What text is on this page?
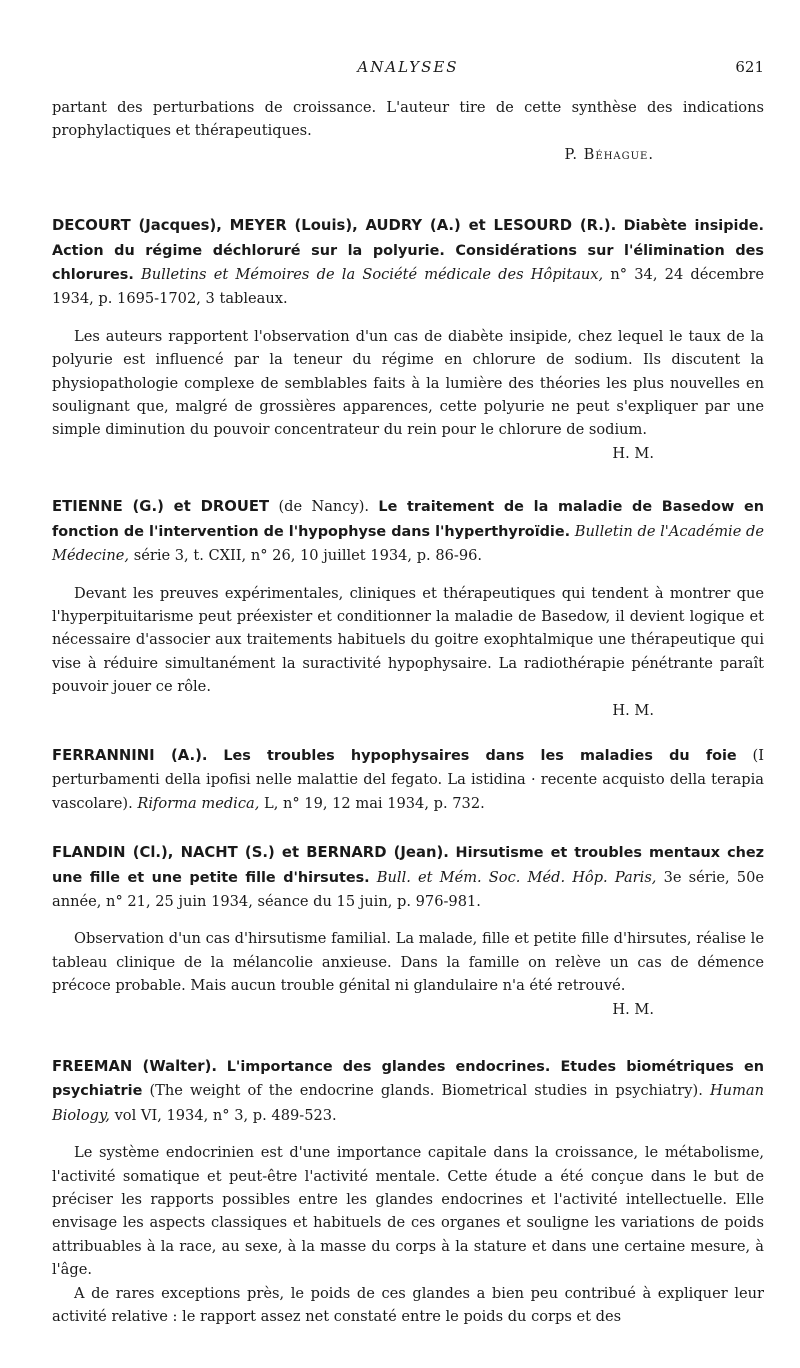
ANALYSES	621

partant des perturbations de croissance. L'auteur tire de cette synthèse des indications prophylactiques et thérapeutiques.

P. Béhague.

DECOURT (Jacques), MEYER (Louis), AUDRY (A.) et LESOURD (R.). Diabète insipide. Action du régime déchloruré sur la polyurie. Considérations sur l'élimination des chlorures. Bulletins et Mémoires de la Société médicale des Hôpitaux, n° 34, 24 décembre 1934, p. 1695-1702, 3 tableaux.

Les auteurs rapportent l'observation d'un cas de diabète insipide, chez lequel le taux de la polyurie est influencé par la teneur du régime en chlorure de sodium. Ils discutent la physiopathologie complexe de semblables faits à la lumière des théories les plus nouvelles en soulignant que, malgré de grossières apparences, cette polyurie ne peut s'expliquer par une simple diminution du pouvoir concentrateur du rein pour le chlorure de sodium.

H. M.

ETIENNE (G.) et DROUET (de Nancy). Le traitement de la maladie de Basedow en fonction de l'intervention de l'hypophyse dans l'hyperthyroïdie. Bulletin de l'Académie de Médecine, série 3, t. CXII, n° 26, 10 juillet 1934, p. 86-96.

Devant les preuves expérimentales, cliniques et thérapeutiques qui tendent à montrer que l'hyperpituitarisme peut préexister et conditionner la maladie de Basedow, il devient logique et nécessaire d'associer aux traitements habituels du goitre exophtalmique une thérapeutique qui vise à réduire simultanément la suractivité hypophysaire. La radiothérapie pénétrante paraît pouvoir jouer ce rôle.

H. M.

FERRANNINI (A.). Les troubles hypophysaires dans les maladies du foie (I perturbamenti della ipofisi nelle malattie del fegato. La istidina · recente acquisto della terapia vascolare). Riforma medica, L, n° 19, 12 mai 1934, p. 732.

FLANDIN (Cl.), NACHT (S.) et BERNARD (Jean). Hirsutisme et troubles mentaux chez une fille et une petite fille d'hirsutes. Bull. et Mém. Soc. Méd. Hôp. Paris, 3e série, 50e année, n° 21, 25 juin 1934, séance du 15 juin, p. 976-981.

Observation d'un cas d'hirsutisme familial. La malade, fille et petite fille d'hirsutes, réalise le tableau clinique de la mélancolie anxieuse. Dans la famille on relève un cas de démence précoce probable. Mais aucun trouble génital ni glandulaire n'a été retrouvé.

H. M.

FREEMAN (Walter). L'importance des glandes endocrines. Etudes biométriques en psychiatrie (The weight of the endocrine glands. Biometrical studies in psychiatry). Human Biology, vol VI, 1934, n° 3, p. 489-523.

Le système endocrinien est d'une importance capitale dans la croissance, le métabolisme, l'activité somatique et peut-être l'activité mentale. Cette étude a été conçue dans le but de préciser les rapports possibles entre les glandes endocrines et l'activité intellectuelle. Elle envisage les aspects classiques et habituels de ces organes et souligne les variations de poids attribuables à la race, au sexe, à la masse du corps à la stature et dans une certaine mesure, à l'âge.

A de rares exceptions près, le poids de ces glandes a bien peu contribué à expliquer leur activité relative : le rapport assez net constaté entre le poids du corps et des
